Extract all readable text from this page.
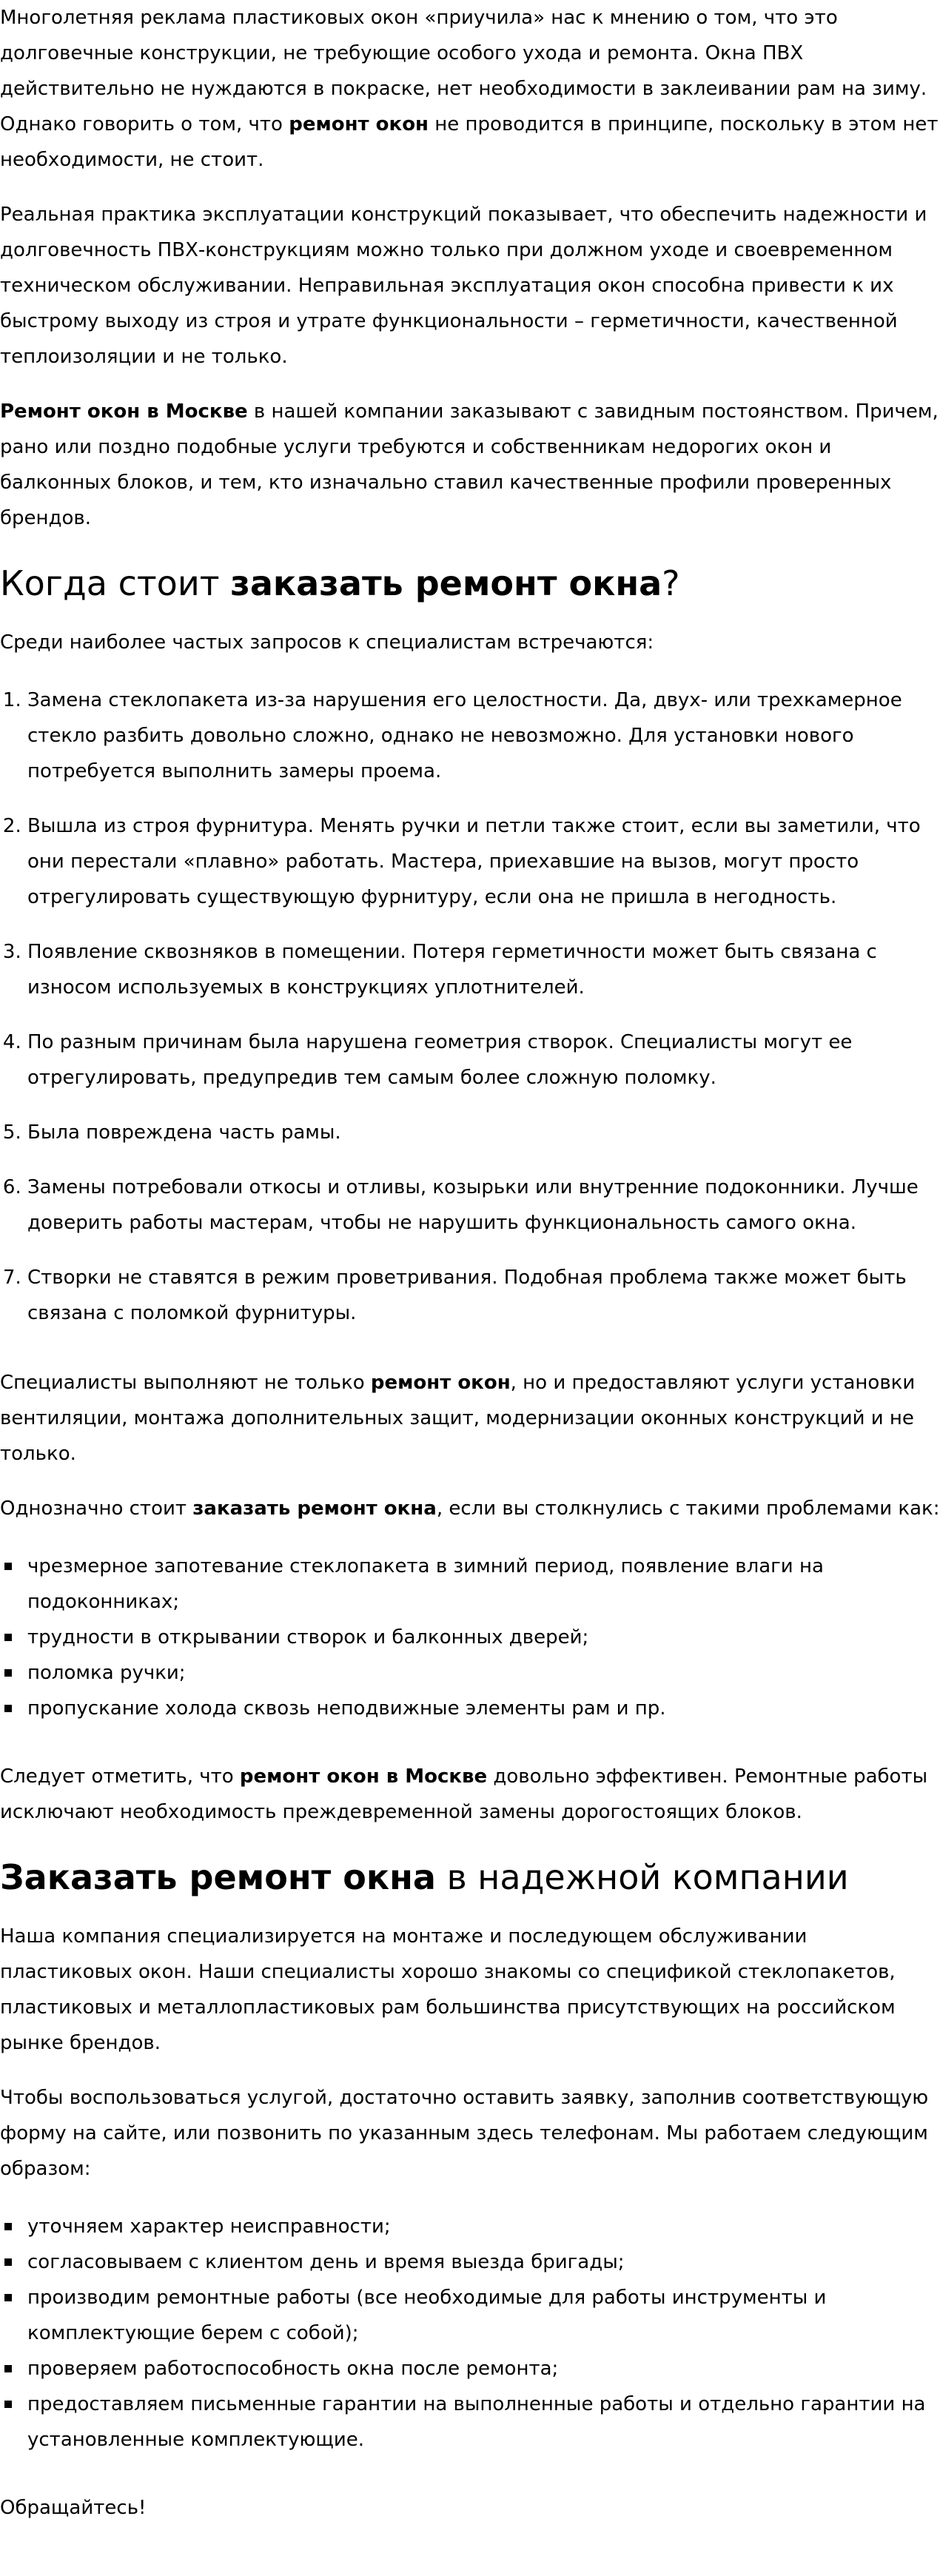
Многолетняя реклама пластиковых окон «приучила» нас к мнению о том, что это долговечные конструкции, не требующие особого ухода и ремонта. Окна ПВХ действительно не нуждаются в покраске, нет необходимости в заклеивании рам на зиму. Однако говорить о том, что ремонт окон не проводится в принципе, поскольку в этом нет необходимости, не стоит.

Реальная практика эксплуатации конструкций показывает, что обеспечить надежности и долговечность ПВХ-конструкциям можно только при должном уходе и своевременном техническом обслуживании. Неправильная эксплуатация окон способна привести к их быстрому выходу из строя и утрате функциональности – герметичности, качественной теплоизоляции и не только.

Ремонт окон в Москве в нашей компании заказывают с завидным постоянством. Причем, рано или поздно подобные услуги требуются и собственникам недорогих окон и балконных блоков, и тем, кто изначально ставил качественные профили проверенных брендов.

Когда стоит заказать ремонт окна?

Среди наиболее частых запросов к специалистам встречаются:

1. Замена стеклопакета из-за нарушения его целостности. Да, двух- или трехкамерное стекло разбить довольно сложно, однако не невозможно. Для установки нового потребуется выполнить замеры проема.
2. Вышла из строя фурнитура. Менять ручки и петли также стоит, если вы заметили, что они перестали «плавно» работать. Мастера, приехавшие на вызов, могут просто отрегулировать существующую фурнитуру, если она не пришла в негодность.
3. Появление сквозняков в помещении. Потеря герметичности может быть связана с износом используемых в конструкциях уплотнителей.
4. По разным причинам была нарушена геометрия створок. Специалисты могут ее отрегулировать, предупредив тем самым более сложную поломку.
5. Была повреждена часть рамы.
6. Замены потребовали откосы и отливы, козырьки или внутренние подоконники. Лучше доверить работы мастерам, чтобы не нарушить функциональность самого окна.
7. Створки не ставятся в режим проветривания. Подобная проблема также может быть связана с поломкой фурнитуры.

Специалисты выполняют не только ремонт окон, но и предоставляют услуги установки вентиляции, монтажа дополнительных защит, модернизации оконных конструкций и не только.

Однозначно стоит заказать ремонт окна, если вы столкнулись с такими проблемами как:

чрезмерное запотевание стеклопакета в зимний период, появление влаги на подоконниках;
трудности в открывании створок и балконных дверей;
поломка ручки;
пропускание холода сквозь неподвижные элементы рам и пр.

Следует отметить, что ремонт окон в Москве довольно эффективен. Ремонтные работы исключают необходимость преждевременной замены дорогостоящих блоков.

Заказать ремонт окна в надежной компании

Наша компания специализируется на монтаже и последующем обслуживании пластиковых окон. Наши специалисты хорошо знакомы со спецификой стеклопакетов, пластиковых и металлопластиковых рам большинства присутствующих на российском рынке брендов.

Чтобы воспользоваться услугой, достаточно оставить заявку, заполнив соответствующую форму на сайте, или позвонить по указанным здесь телефонам. Мы работаем следующим образом:

уточняем характер неисправности;
согласовываем с клиентом день и время выезда бригады;
производим ремонтные работы (все необходимые для работы инструменты и комплектующие берем с собой);
проверяем работоспособность окна после ремонта;
предоставляем письменные гарантии на выполненные работы и отдельно гарантии на установленные комплектующие.

Обращайтесь!
